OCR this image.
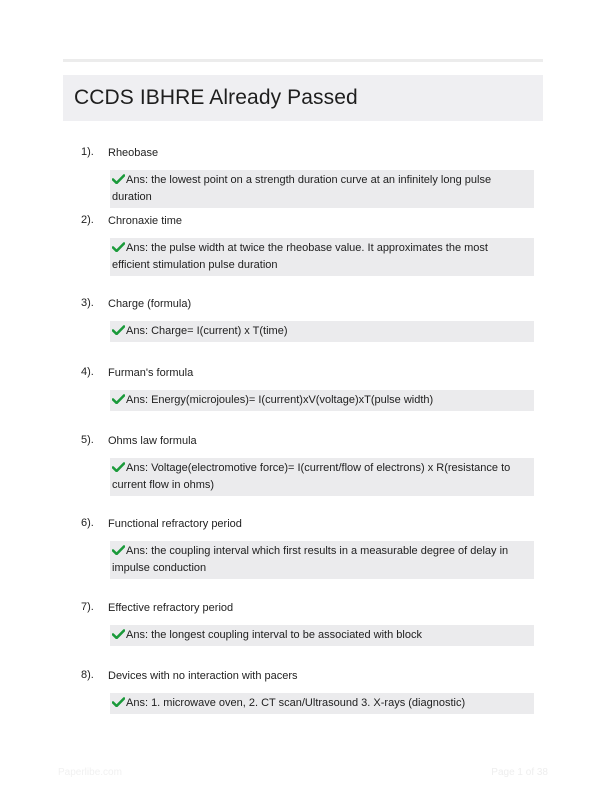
CCDS IBHRE Already Passed
1). Rheobase
Ans: the lowest point on a strength duration curve at an infinitely long pulse duration
2). Chronaxie time
Ans: the pulse width at twice the rheobase value. It approximates the most efficient stimulation pulse duration
3). Charge (formula)
Ans: Charge= I(current) x T(time)
4). Furman's formula
Ans: Energy(microjoules)= I(current)xV(voltage)xT(pulse width)
5). Ohms law formula
Ans: Voltage(electromotive force)= I(current/flow of electrons) x R(resistance to current flow in ohms)
6). Functional refractory period
Ans: the coupling interval which first results in a measurable degree of delay in impulse conduction
7). Effective refractory period
Ans: the longest coupling interval to be associated with block
8). Devices with no interaction with pacers
Ans: 1. microwave oven, 2. CT scan/Ultrasound 3. X-rays (diagnostic)
Paperlibe.com	Page 1 of 38
